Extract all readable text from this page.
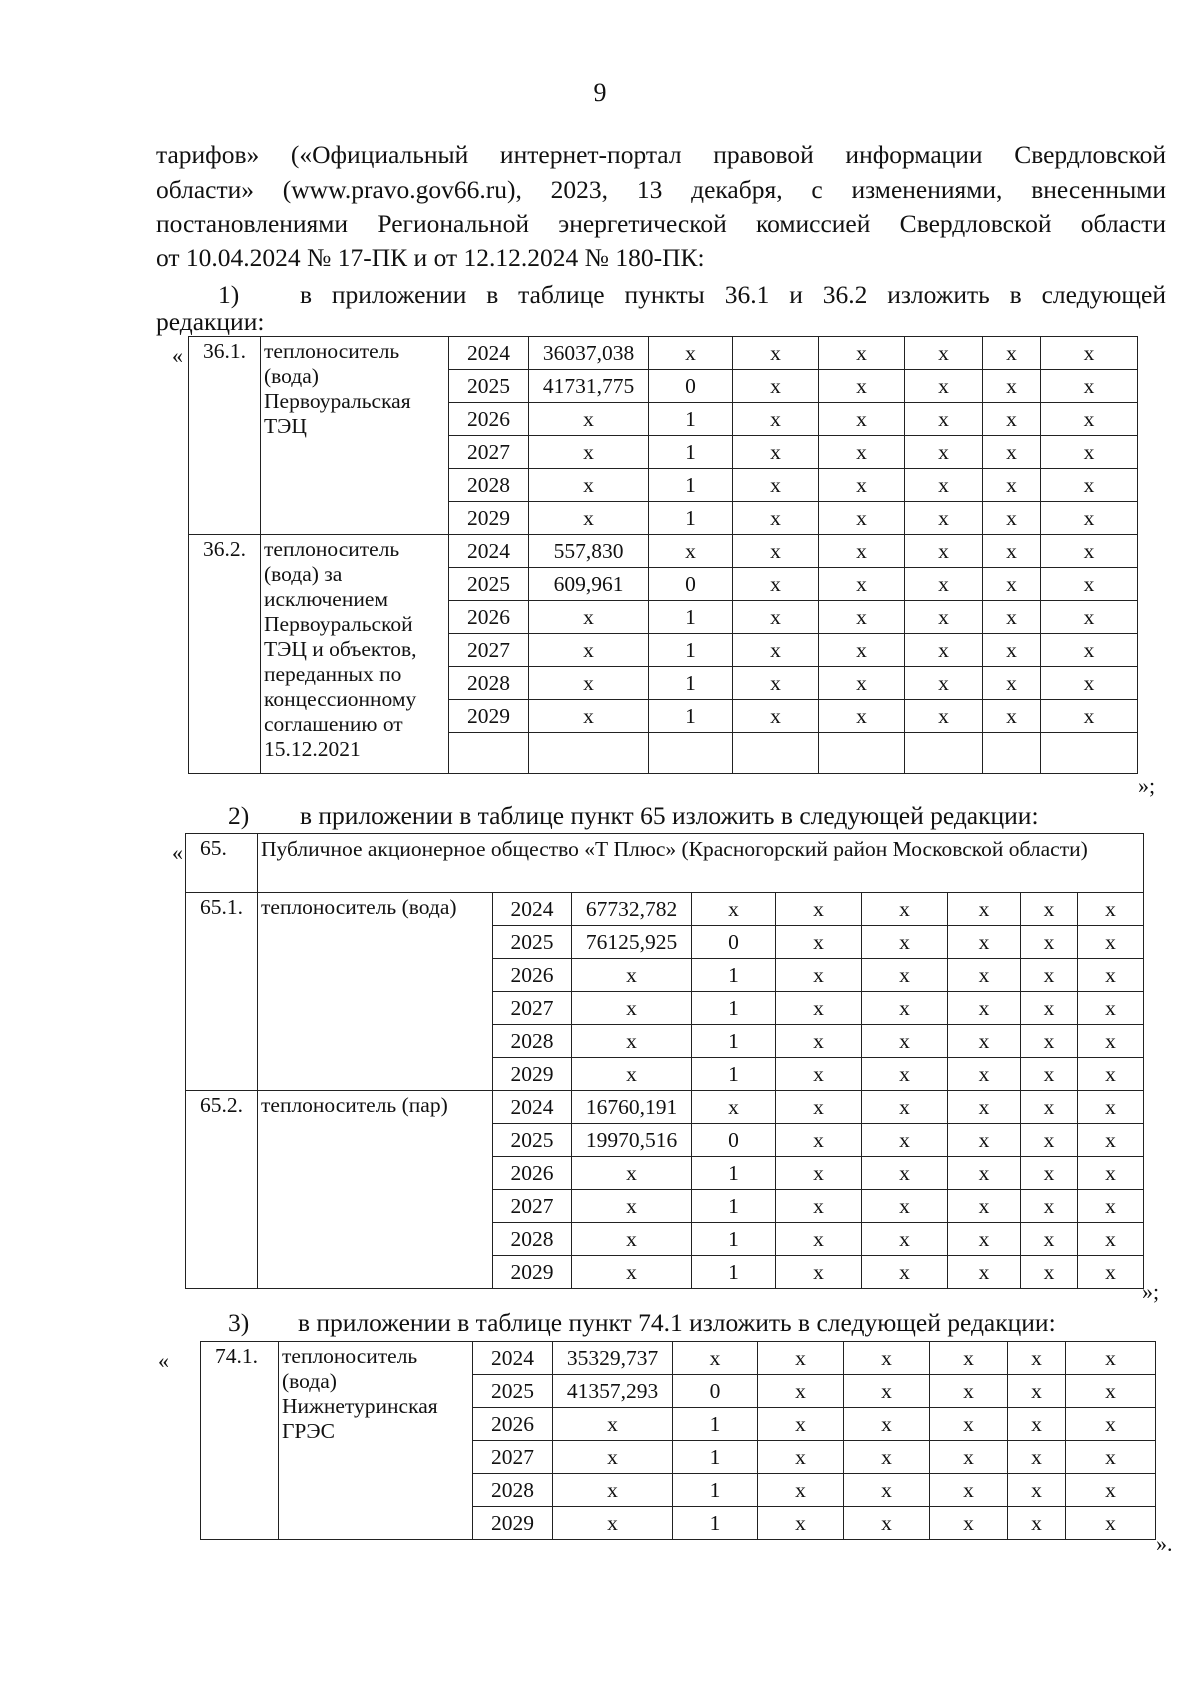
9
тарифов» («Официальный интернет-портал правовой информации Свердловской
области» (www.pravo.gov66.ru), 2023, 13 декабря, с изменениями, внесенными
постановлениями Региональной энергетической комиссией Свердловской области
от 10.04.2024 № 17-ПК и от 12.12.2024 № 180-ПК:
1) в приложении в таблице пункты 36.1 и 36.2 изложить в следующей
редакции:
« 36.1.	теплоноситель (вода) Первоуральская ТЭЦ	2024	36037,038	x	x	x	x	x	x
		2025	41731,775	0	x	x	x	x	x
		2026	x	1	x	x	x	x	x
		2027	x	1	x	x	x	x	x
		2028	x	1	x	x	x	x	x
		2029	x	1	x	x	x	x	x
36.2.	теплоноситель (вода) за исключением Первоуральской ТЭЦ и объектов, переданных по концессионному соглашению от 15.12.2021	2024	557,830	x	x	x	x	x	x
		2025	609,961	0	x	x	x	x	x
		2026	x	1	x	x	x	x	x
		2027	x	1	x	x	x	x	x
		2028	x	1	x	x	x	x	x
		2029	x	1	x	x	x	x	x

»;
2) в приложении в таблице пункт 65 изложить в следующей редакции:
« 65.	Публичное акционерное общество «Т Плюс» (Красногорский район Московской области)								
65.1.	теплоноситель (вода)	2024	67732,782	x	x	x	x	x	x
		2025	76125,925	0	x	x	x	x	x
		2026	x	1	x	x	x	x	x
		2027	x	1	x	x	x	x	x
		2028	x	1	x	x	x	x	x
		2029	x	1	x	x	x	x	x
65.2.	теплоноситель (пар)	2024	16760,191	x	x	x	x	x	x
		2025	19970,516	0	x	x	x	x	x
		2026	x	1	x	x	x	x	x
		2027	x	1	x	x	x	x	x
		2028	x	1	x	x	x	x	x
		2029	x	1	x	x	x	x	x
»;
3) в приложении в таблице пункт 74.1 изложить в следующей редакции:
« 74.1.	теплоноситель (вода) Нижнетуринская ГРЭС	2024	35329,737	x	x	x	x	x	x
		2025	41357,293	0	x	x	x	x	x
		2026	x	1	x	x	x	x	x
		2027	x	1	x	x	x	x	x
		2028	x	1	x	x	x	x	x
		2029	x	1	x	x	x	x	x
».
